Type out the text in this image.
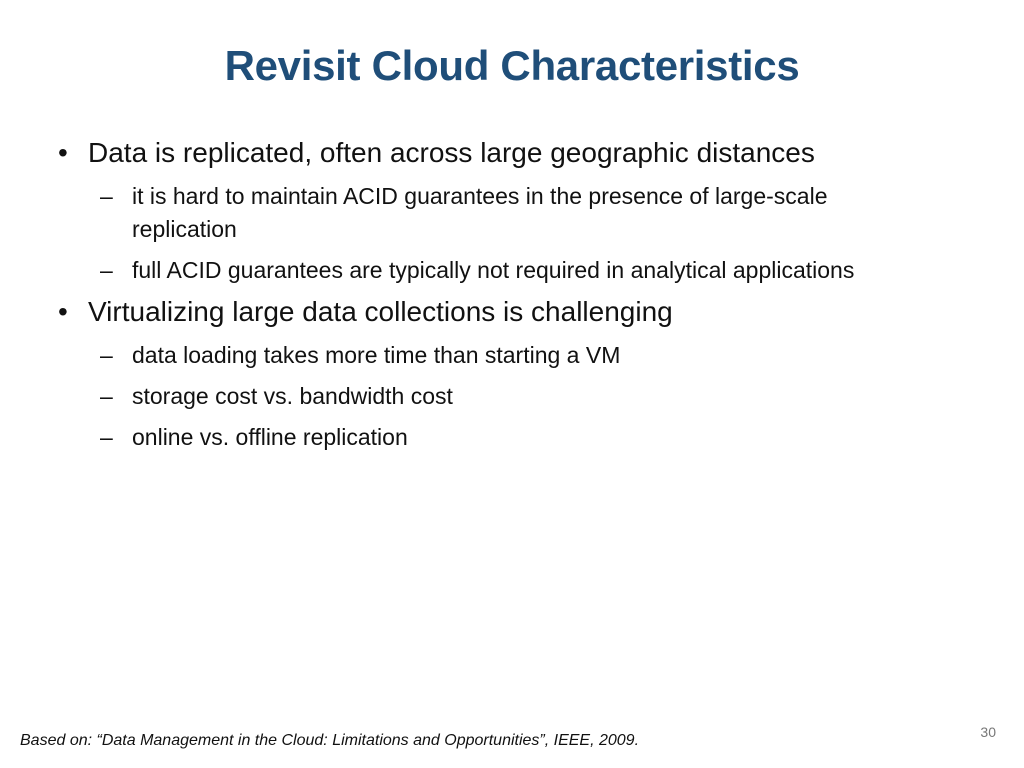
Revisit Cloud Characteristics
• Data is replicated, often across large geographic distances
– it is hard to maintain ACID guarantees in the presence of large-scale replication
– full ACID guarantees are typically not required in analytical applications
• Virtualizing large data collections is challenging
– data loading takes more time than starting a VM
– storage cost vs. bandwidth cost
– online vs. offline replication
Based on: “Data Management in the Cloud: Limitations and Opportunities”, IEEE, 2009.	30
